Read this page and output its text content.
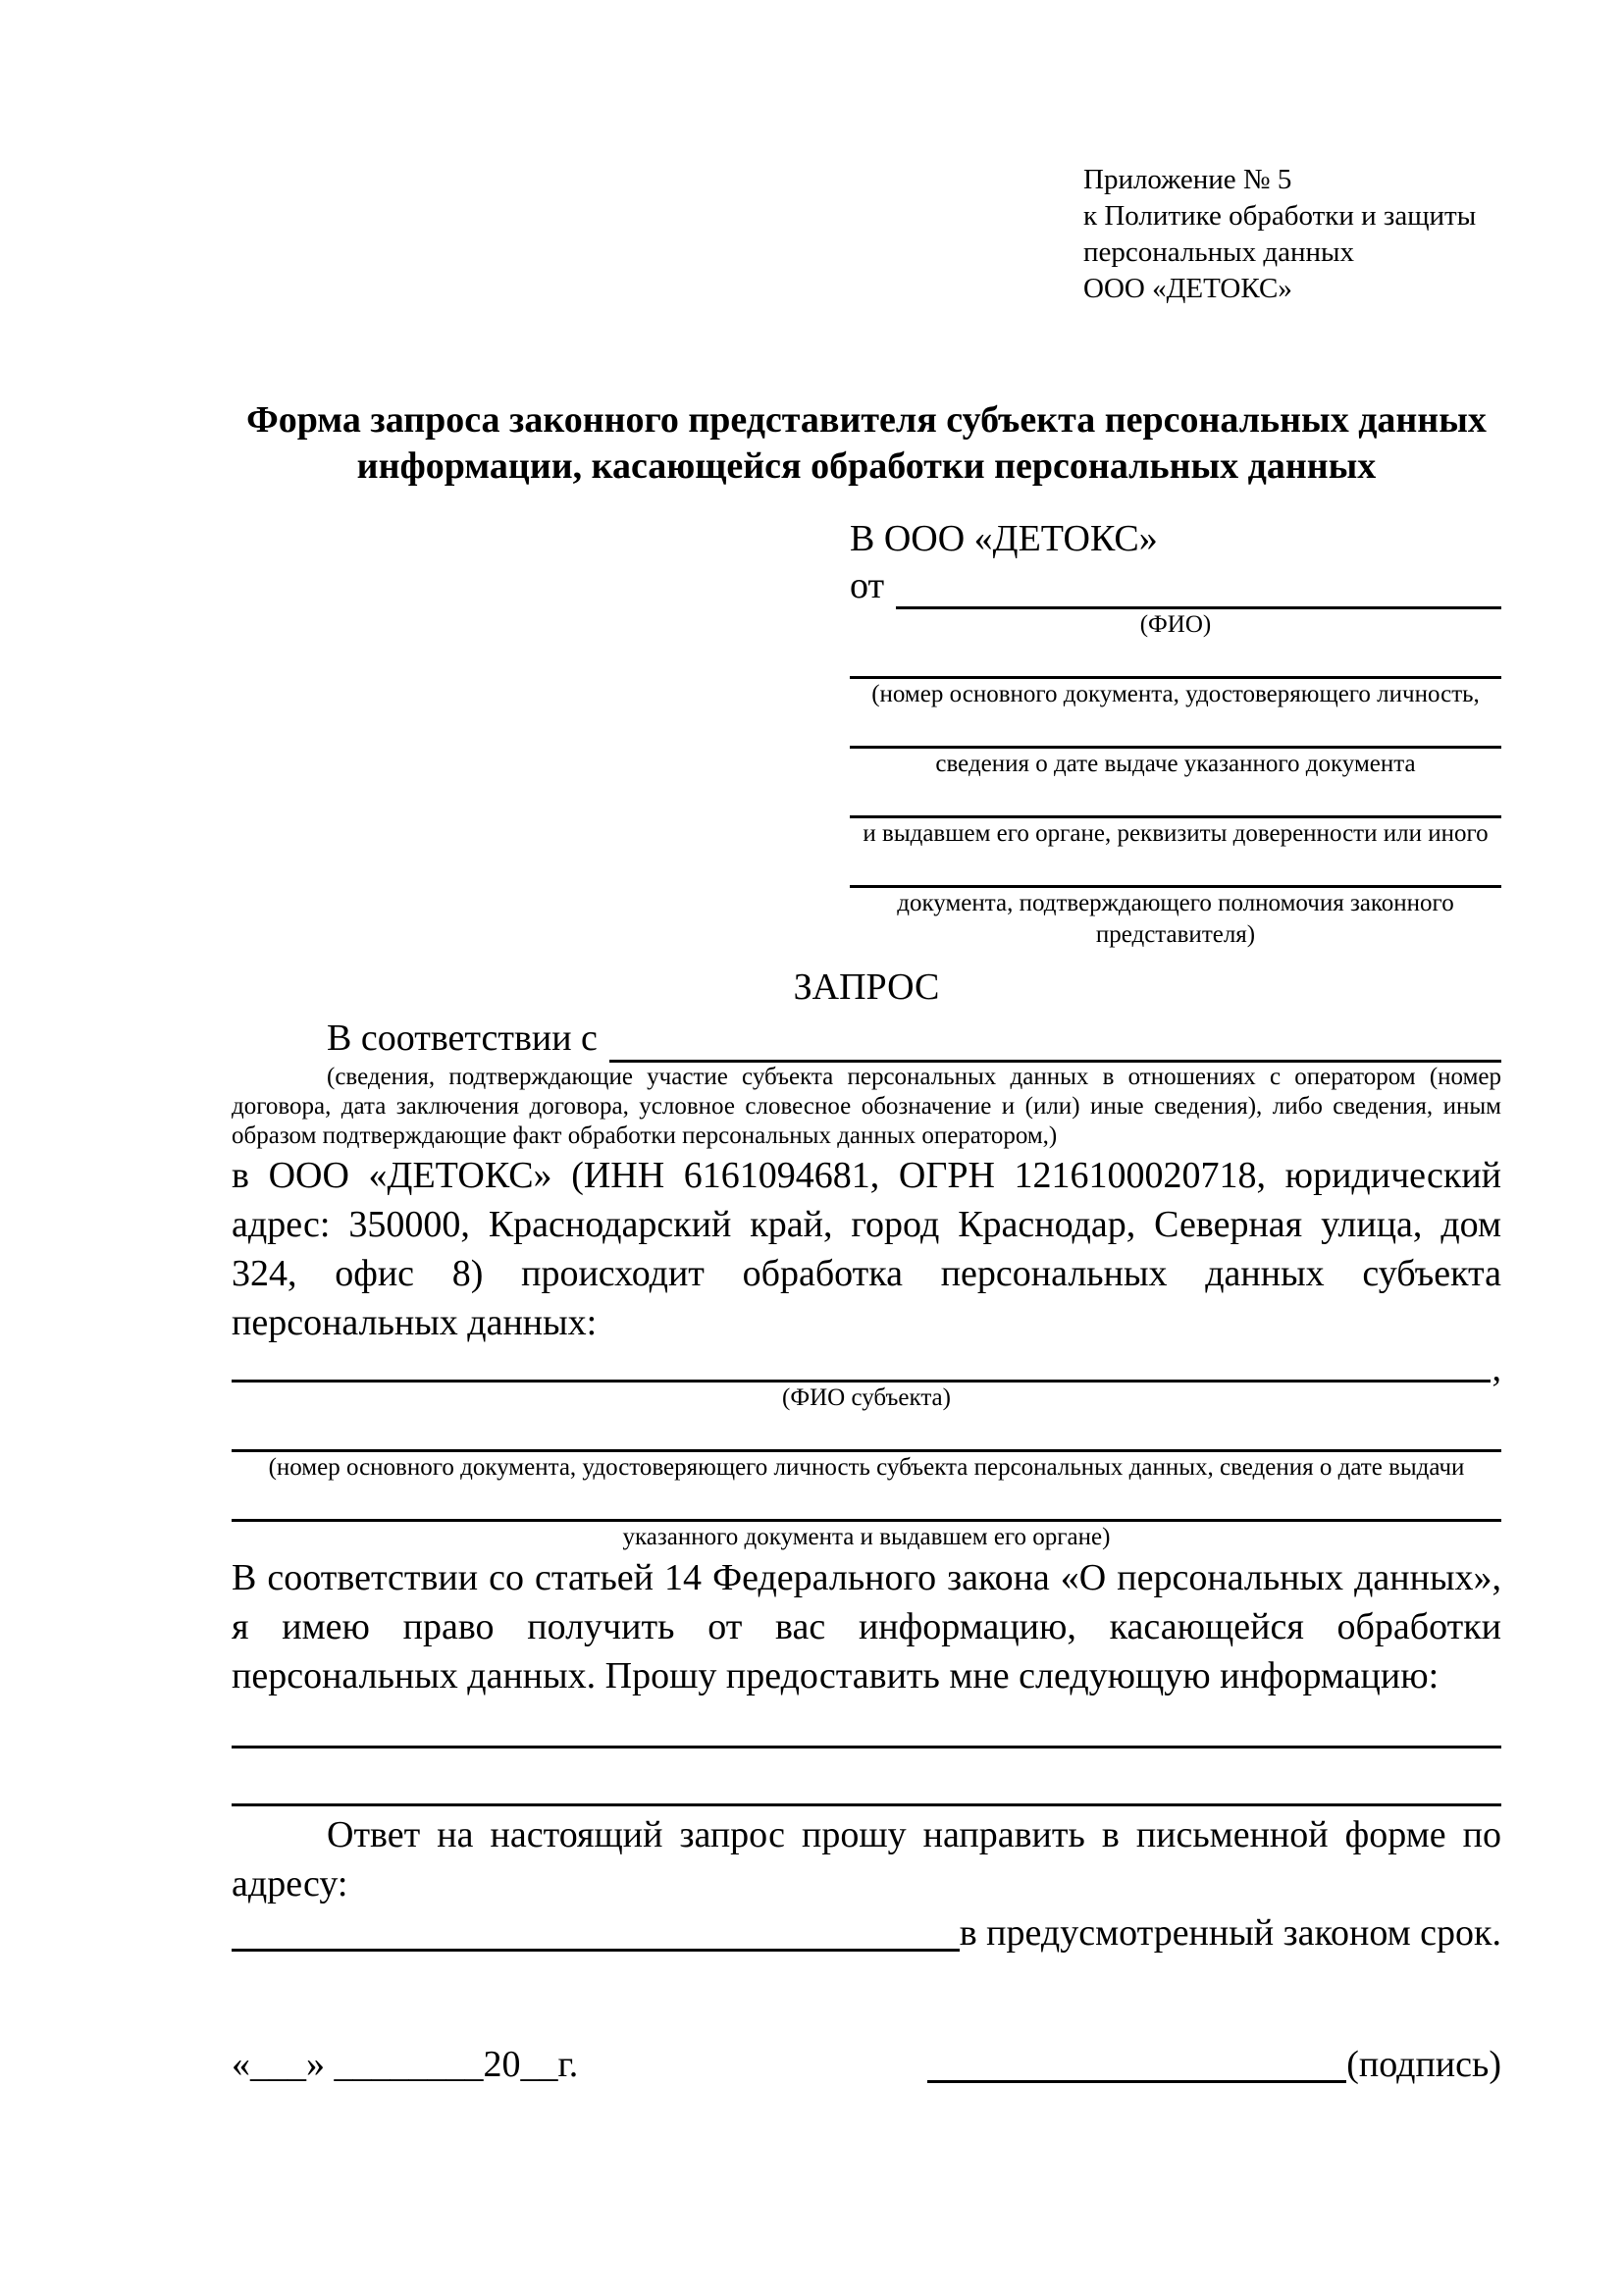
Приложение № 5
к Политике обработки и защиты
персональных данных
ООО «ДЕТОКС»
Форма запроса законного представителя субъекта персональных данных информации, касающейся обработки персональных данных
В ООО «ДЕТОКС»
от
(ФИО)
(номер основного документа, удостоверяющего личность,
сведения о дате выдаче указанного документа
и выдавшем его органе, реквизиты доверенности или иного
документа, подтверждающего полномочия законного представителя)
ЗАПРОС
В соответствии с
(сведения, подтверждающие участие субъекта персональных данных в отношениях с оператором (номер договора, дата заключения договора, условное словесное обозначение и (или) иные сведения), либо сведения, иным образом подтверждающие факт обработки персональных данных оператором,)
в ООО «ДЕТОКС» (ИНН 6161094681, ОГРН 1216100020718, юридический адрес: 350000, Краснодарский край, город Краснодар, Северная улица, дом 324, офис 8) происходит обработка персональных данных субъекта персональных данных:
,
(ФИО субъекта)
(номер основного документа, удостоверяющего личность субъекта персональных данных, сведения о дате выдачи
указанного документа и выдавшем его органе)
В соответствии со статьей 14 Федерального закона «О персональных данных», я имею право получить от вас информацию, касающейся обработки персональных данных. Прошу предоставить мне следующую информацию:
Ответ на настоящий запрос прошу направить в письменной форме по адресу:
в предусмотренный законом срок.
«___» ________20__г.	(подпись)
